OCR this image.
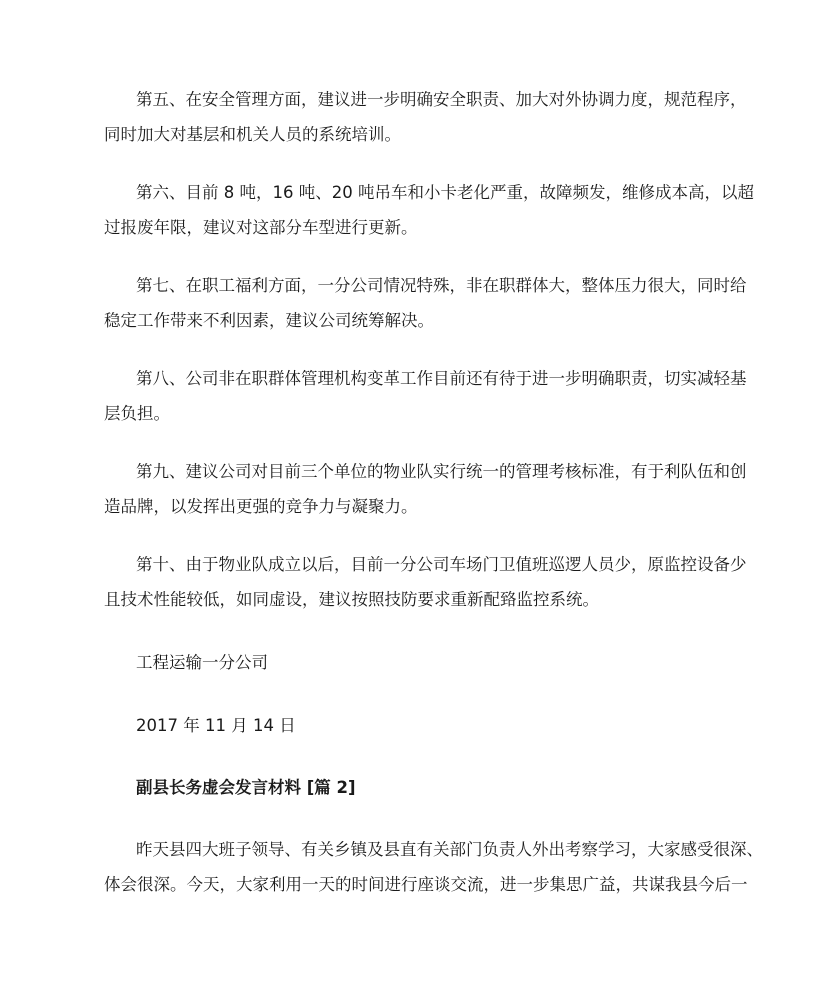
第五、在安全管理方面，建议进一步明确安全职责、加大对外协调力度，规范程序，
同时加大对基层和机关人员的系统培训。
第六、目前 8 吨，16 吨、20 吨吊车和小卡老化严重，故障频发，维修成本高，以超
过报废年限，建议对这部分车型进行更新。
第七、在职工福利方面，一分公司情况特殊，非在职群体大，整体压力很大，同时给
稳定工作带来不利因素，建议公司统筹解决。
第八、公司非在职群体管理机构变革工作目前还有待于进一步明确职责，切实减轻基
层负担。
第九、建议公司对目前三个单位的物业队实行统一的管理考核标准，有于利队伍和创
造品牌，以发挥出更强的竞争力与凝聚力。
第十、由于物业队成立以后，目前一分公司车场门卫值班巡逻人员少，原监控设备少
且技术性能较低，如同虚设，建议按照技防要求重新配臵监控系统。
工程运输一分公司
2017 年 11 月 14 日
副县长务虚会发言材料 [篇 2]
昨天县四大班子领导、有关乡镇及县直有关部门负责人外出考察学习，大家感受很深、
体会很深。今天，大家利用一天的时间进行座谈交流，进一步集思广益，共谋我县今后一
